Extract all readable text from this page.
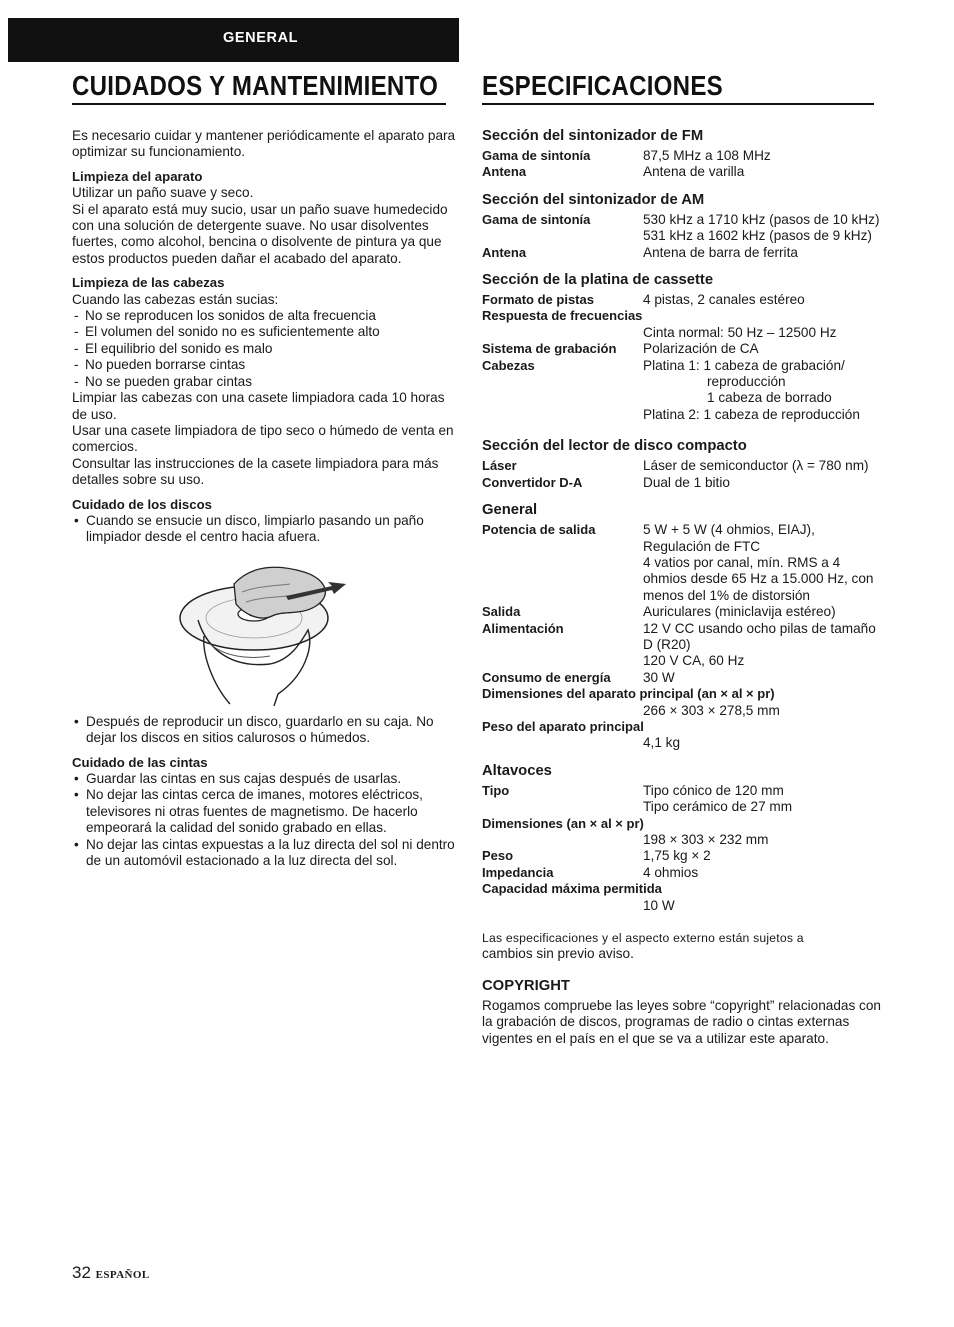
GENERAL
CUIDADOS Y MANTENIMIENTO ESPECIFICACIONES

Es necesario cuidar y mantener periódicamente el aparato para optimizar su funcionamiento.

Limpieza del aparato

Utilizar un paño suave y seco.

Si el aparato está muy sucio, usar un paño suave humedecido con una solución de detergente suave. No usar disolventes fuertes, como alcohol, bencina o disolvente de pintura ya que estos productos pueden dañar el acabado del aparato.

Limpieza de las cabezas

Cuando las cabezas están sucias:

- No se reproducen los sonidos de alta frecuencia
- El volumen del sonido no es suficientemente alto
- El equilibrio del sonido es malo
- No pueden borrarse cintas
- No se pueden grabar cintas

Limpiar las cabezas con una casete limpiadora cada 10 horas de uso.

Usar una casete limpiadora de tipo seco o húmedo de venta en comercios.

Consultar las instrucciones de la casete limpiadora para más detalles sobre su uso.

Cuidado de los discos

• Cuando se ensucie un disco, limpiarlo pasando un paño limpiador desde el centro hacia afuera.
• Después de reproducir un disco, guardarlo en su caja. No dejar los discos en sitios calurosos o húmedos.

Cuidado de las cintas

• Guardar las cintas en sus cajas después de usarlas.
• No dejar las cintas cerca de imanes, motores eléctricos, televisores ni otras fuentes de magnetismo. De hacerlo empeorará la calidad del sonido grabado en ellas.
• No dejar las cintas expuestas a la luz directa del sol ni dentro de un automóvil estacionado a la luz directa del sol.

Sección del sintonizador de FM

Gama de sintonía	87,5 MHz a 108 MHz
Antena	Antena de varilla

Sección del sintonizador de AM

Gama de sintonía	530 kHz a 1710 kHz (pasos de 10 kHz)
531 kHz a 1602 kHz (pasos de 9 kHz)
Antena	Antena de barra de ferrita

Sección de la platina de cassette

Formato de pistas	4 pistas, 2 canales estéreo

Respuesta de frecuencias

Cinta normal: 50 Hz – 12500 Hz

Sistema de grabación	Polarización de CA
Cabezas	Platina 1: 1 cabeza de grabación/

reproducción

1 cabeza de borrado

Platina 2: 1 cabeza de reproducción

Sección del lector de disco compacto

Láser	Láser de semiconductor (λ = 780 nm)
Convertidor D-A	Dual de 1 bitio

General

Potencia de salida	5 W + 5 W (4 ohmios, EIAJ), Regulación de FTC
4 vatios por canal, mín. RMS a 4 ohmios desde 65 Hz a 15.000 Hz, con menos del 1% de distorsión
Salida	Auriculares (miniclavija estéreo)
Alimentación	12 V CC usando ocho pilas de tamaño D (R20)

120 V CA, 60 Hz

Consumo de energía	30 W

Dimensiones del aparato principal (an × al × pr)

266 × 303 × 278,5 mm

Peso del aparato principal

4,1 kg

Altavoces

Tipo	Tipo cónico de 120 mm

Tipo cerámico de 27 mm

Dimensiones (an × al × pr)

198 × 303 × 232 mm

Peso	1,75 kg × 2
Impedancia	4 ohmios

Capacidad máxima permitida

10 W

Las especificaciones y el aspecto externo están sujetos a

cambios sin previo aviso.

COPYRIGHT

Rogamos compruebe las leyes sobre “copyright” relacionadas con la grabación de discos, programas de radio o cintas externas vigentes en el país en el que se va a utilizar este aparato.

32 ESPAÑOL
